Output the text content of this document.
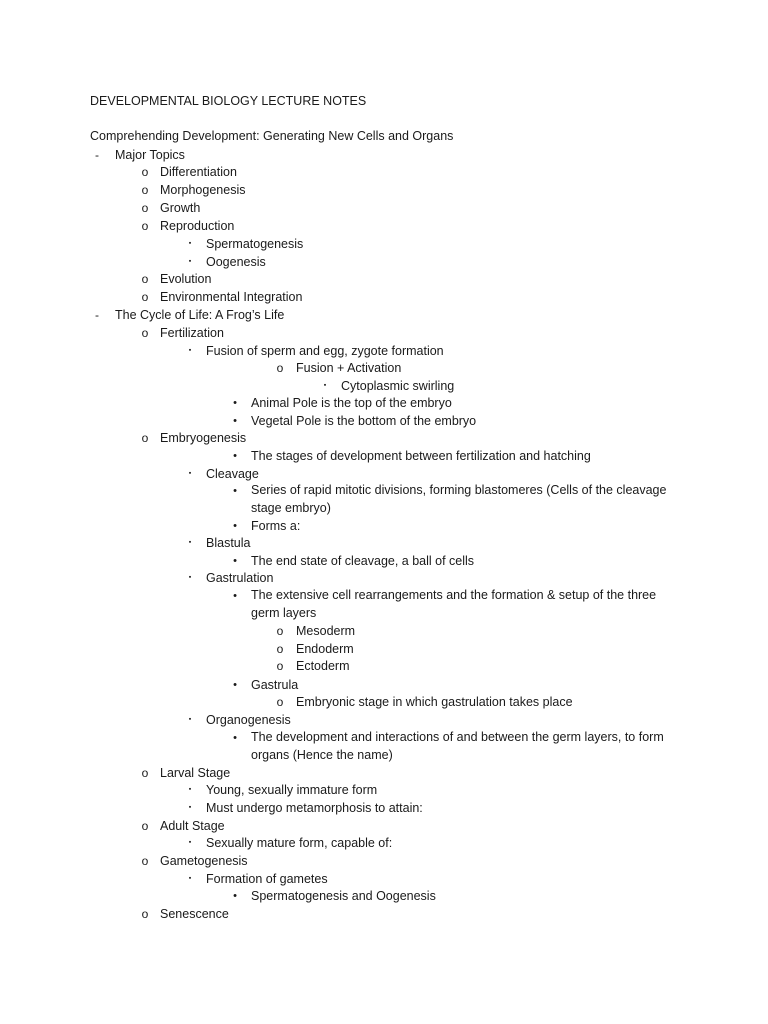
DEVELOPMENTAL BIOLOGY LECTURE NOTES
Comprehending Development: Generating New Cells and Organs
-	Major Topics
o Differentiation
o Morphogenesis
o Growth
o Reproduction
▪	Spermatogenesis
▪	Oogenesis
o Evolution
o Environmental Integration
-	The Cycle of Life: A Frog’s Life
o Fertilization
▪	Fusion of sperm and egg, zygote formation
o Fusion + Activation
▪	Cytoplasmic swirling
•	Animal Pole is the top of the embryo
•	Vegetal Pole is the bottom of the embryo
o Embryogenesis
•	The stages of development between fertilization and hatching
▪	Cleavage
•	Series of rapid mitotic divisions, forming blastomeres (Cells of the cleavage stage embryo)
•	Forms a:
▪	Blastula
•	The end state of cleavage, a ball of cells
▪	Gastrulation
•	The extensive cell rearrangements and the formation & setup of the three germ layers
o Mesoderm
o Endoderm
o Ectoderm
•	Gastrula
o Embryonic stage in which gastrulation takes place
▪	Organogenesis
•	The development and interactions of and between the germ layers, to form organs (Hence the name)
o Larval Stage
▪	Young, sexually immature form
▪	Must undergo metamorphosis to attain:
o Adult Stage
▪	Sexually mature form, capable of:
o Gametogenesis
▪	Formation of gametes
•	Spermatogenesis and Oogenesis
o Senescence
